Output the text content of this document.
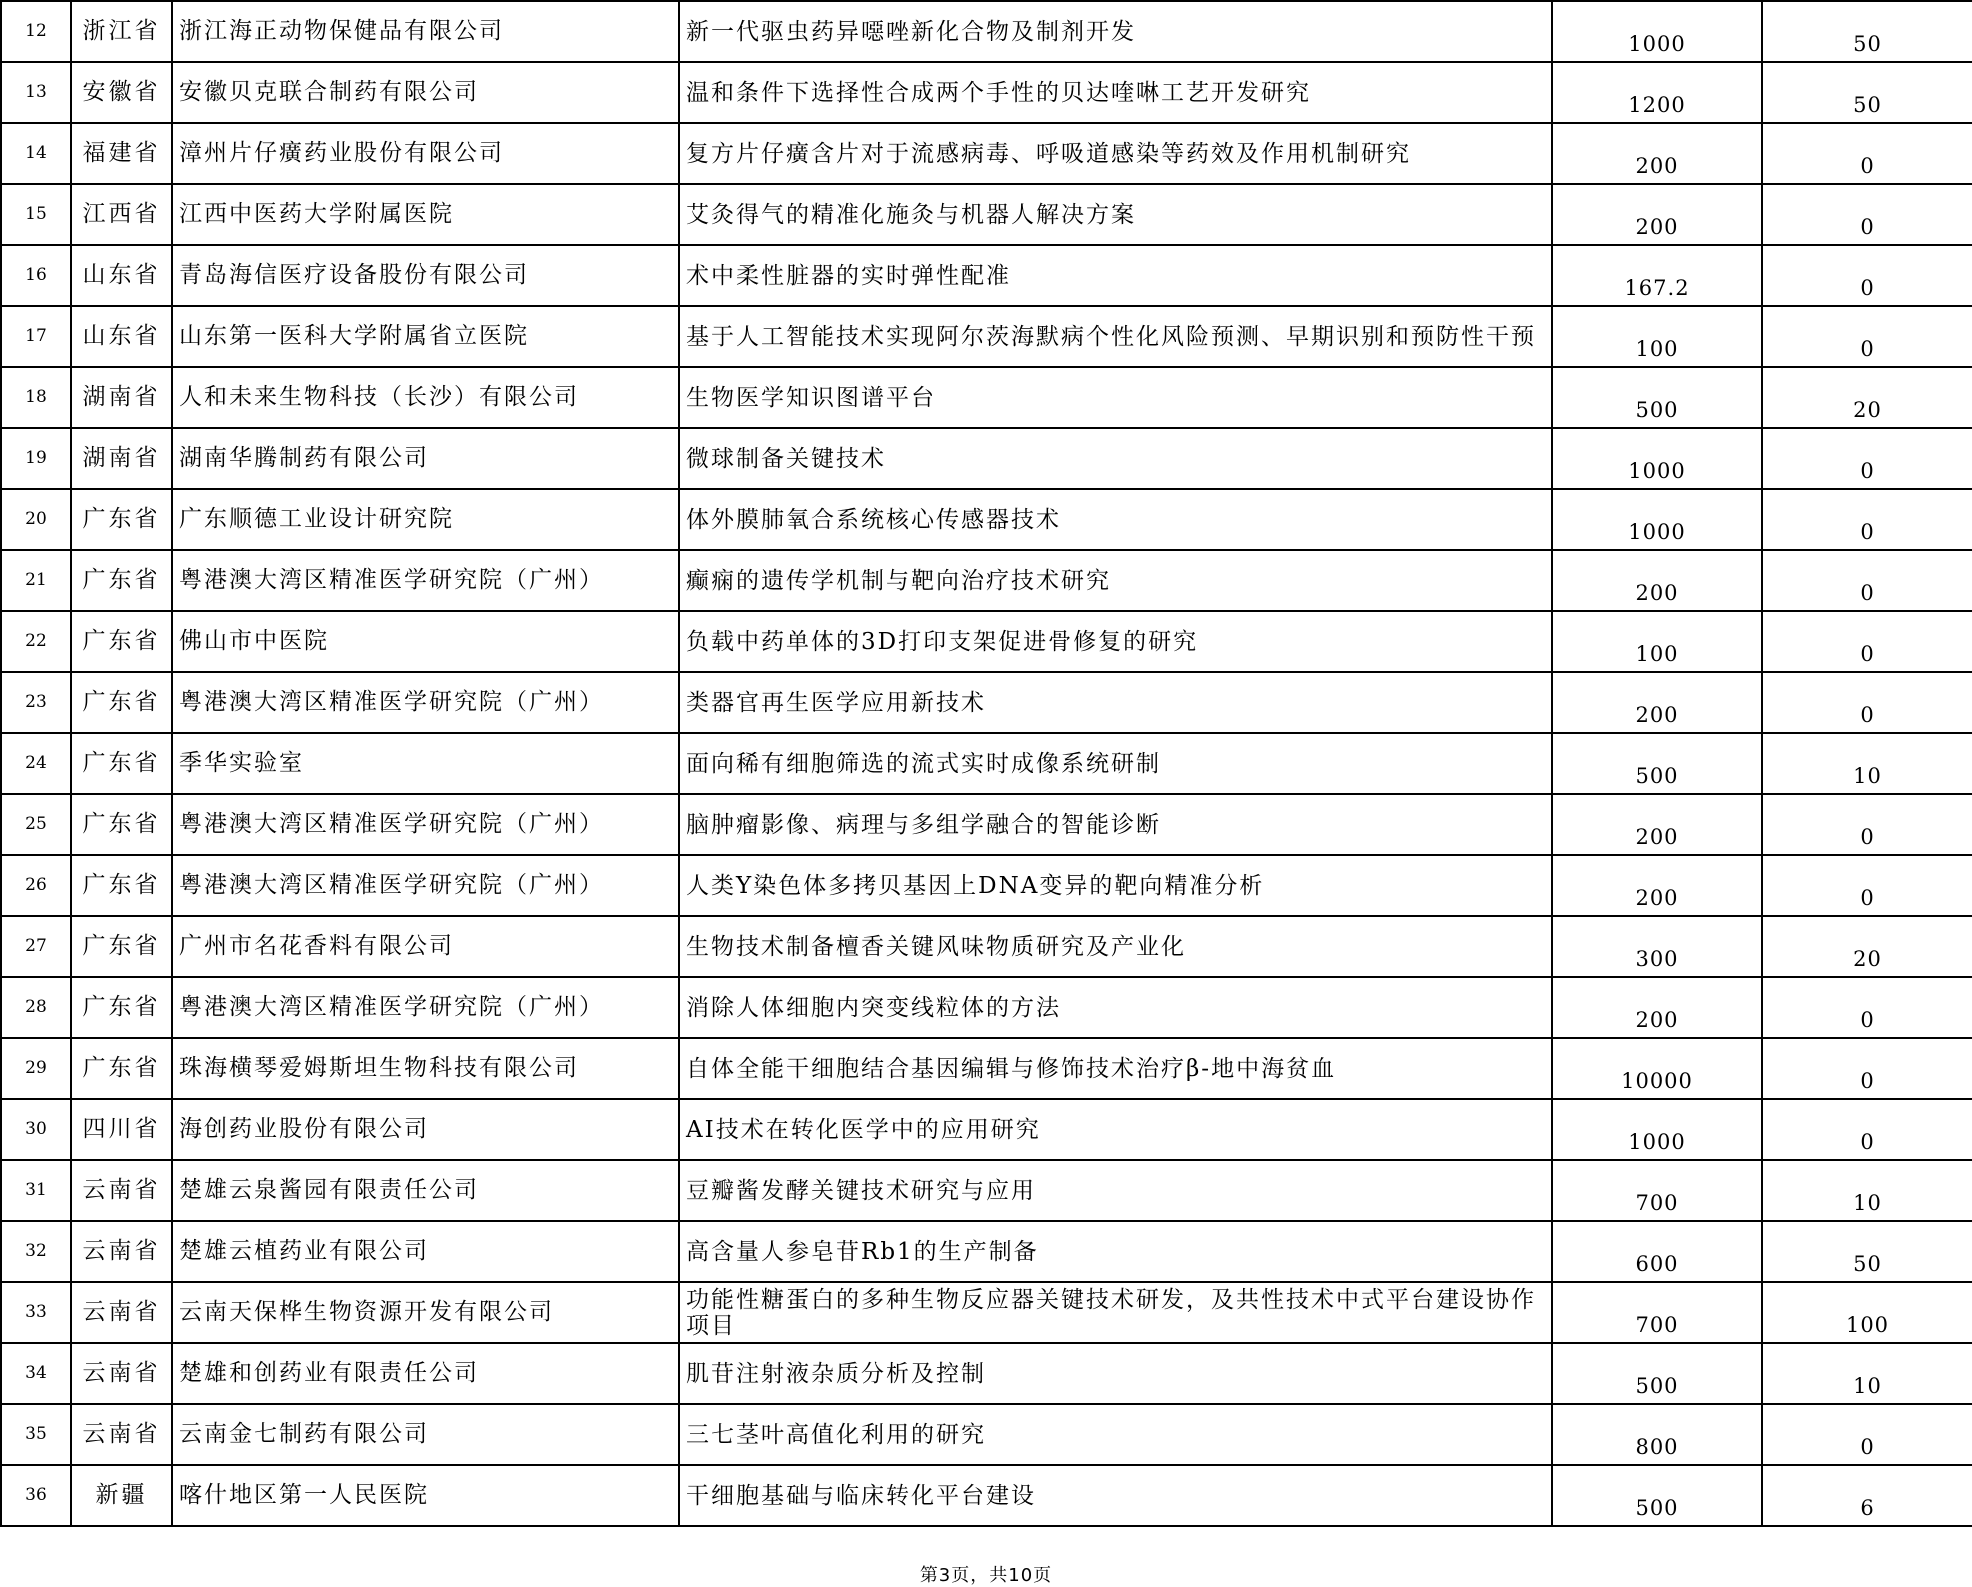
12	浙江省	浙江海正动物保健品有限公司	新一代驱虫药异噁唑新化合物及制剂开发	1000	50
13	安徽省	安徽贝克联合制药有限公司	温和条件下选择性合成两个手性的贝达喹啉工艺开发研究	1200	50
14	福建省	漳州片仔癀药业股份有限公司	复方片仔癀含片对于流感病毒、呼吸道感染等药效及作用机制研究	200	0
15	江西省	江西中医药大学附属医院	艾灸得气的精准化施灸与机器人解决方案	200	0
16	山东省	青岛海信医疗设备股份有限公司	术中柔性脏器的实时弹性配准	167.2	0
17	山东省	山东第一医科大学附属省立医院	基于人工智能技术实现阿尔茨海默病个性化风险预测、早期识别和预防性干预	100	0
18	湖南省	人和未来生物科技（长沙）有限公司	生物医学知识图谱平台	500	20
19	湖南省	湖南华腾制药有限公司	微球制备关键技术	1000	0
20	广东省	广东顺德工业设计研究院	体外膜肺氧合系统核心传感器技术	1000	0
21	广东省	粤港澳大湾区精准医学研究院（广州）	癫痫的遗传学机制与靶向治疗技术研究	200	0
22	广东省	佛山市中医院	负载中药单体的3D打印支架促进骨修复的研究	100	0
23	广东省	粤港澳大湾区精准医学研究院（广州）	类器官再生医学应用新技术	200	0
24	广东省	季华实验室	面向稀有细胞筛选的流式实时成像系统研制	500	10
25	广东省	粤港澳大湾区精准医学研究院（广州）	脑肿瘤影像、病理与多组学融合的智能诊断	200	0
26	广东省	粤港澳大湾区精准医学研究院（广州）	人类Y染色体多拷贝基因上DNA变异的靶向精准分析	200	0
27	广东省	广州市名花香料有限公司	生物技术制备檀香关键风味物质研究及产业化	300	20
28	广东省	粤港澳大湾区精准医学研究院（广州）	消除人体细胞内突变线粒体的方法	200	0
29	广东省	珠海横琴爱姆斯坦生物科技有限公司	自体全能干细胞结合基因编辑与修饰技术治疗β-地中海贫血	10000	0
30	四川省	海创药业股份有限公司	AI技术在转化医学中的应用研究	1000	0
31	云南省	楚雄云泉酱园有限责任公司	豆瓣酱发酵关键技术研究与应用	700	10
32	云南省	楚雄云植药业有限公司	高含量人参皂苷Rb1的生产制备	600	50
33	云南省	云南天保桦生物资源开发有限公司	功能性糖蛋白的多种生物反应器关键技术研发，及共性技术中式平台建设协作项目	700	100
34	云南省	楚雄和创药业有限责任公司	肌苷注射液杂质分析及控制	500	10
35	云南省	云南金七制药有限公司	三七茎叶高值化利用的研究	800	0
36	新疆	喀什地区第一人民医院	干细胞基础与临床转化平台建设	500	6
第3页，共10页
